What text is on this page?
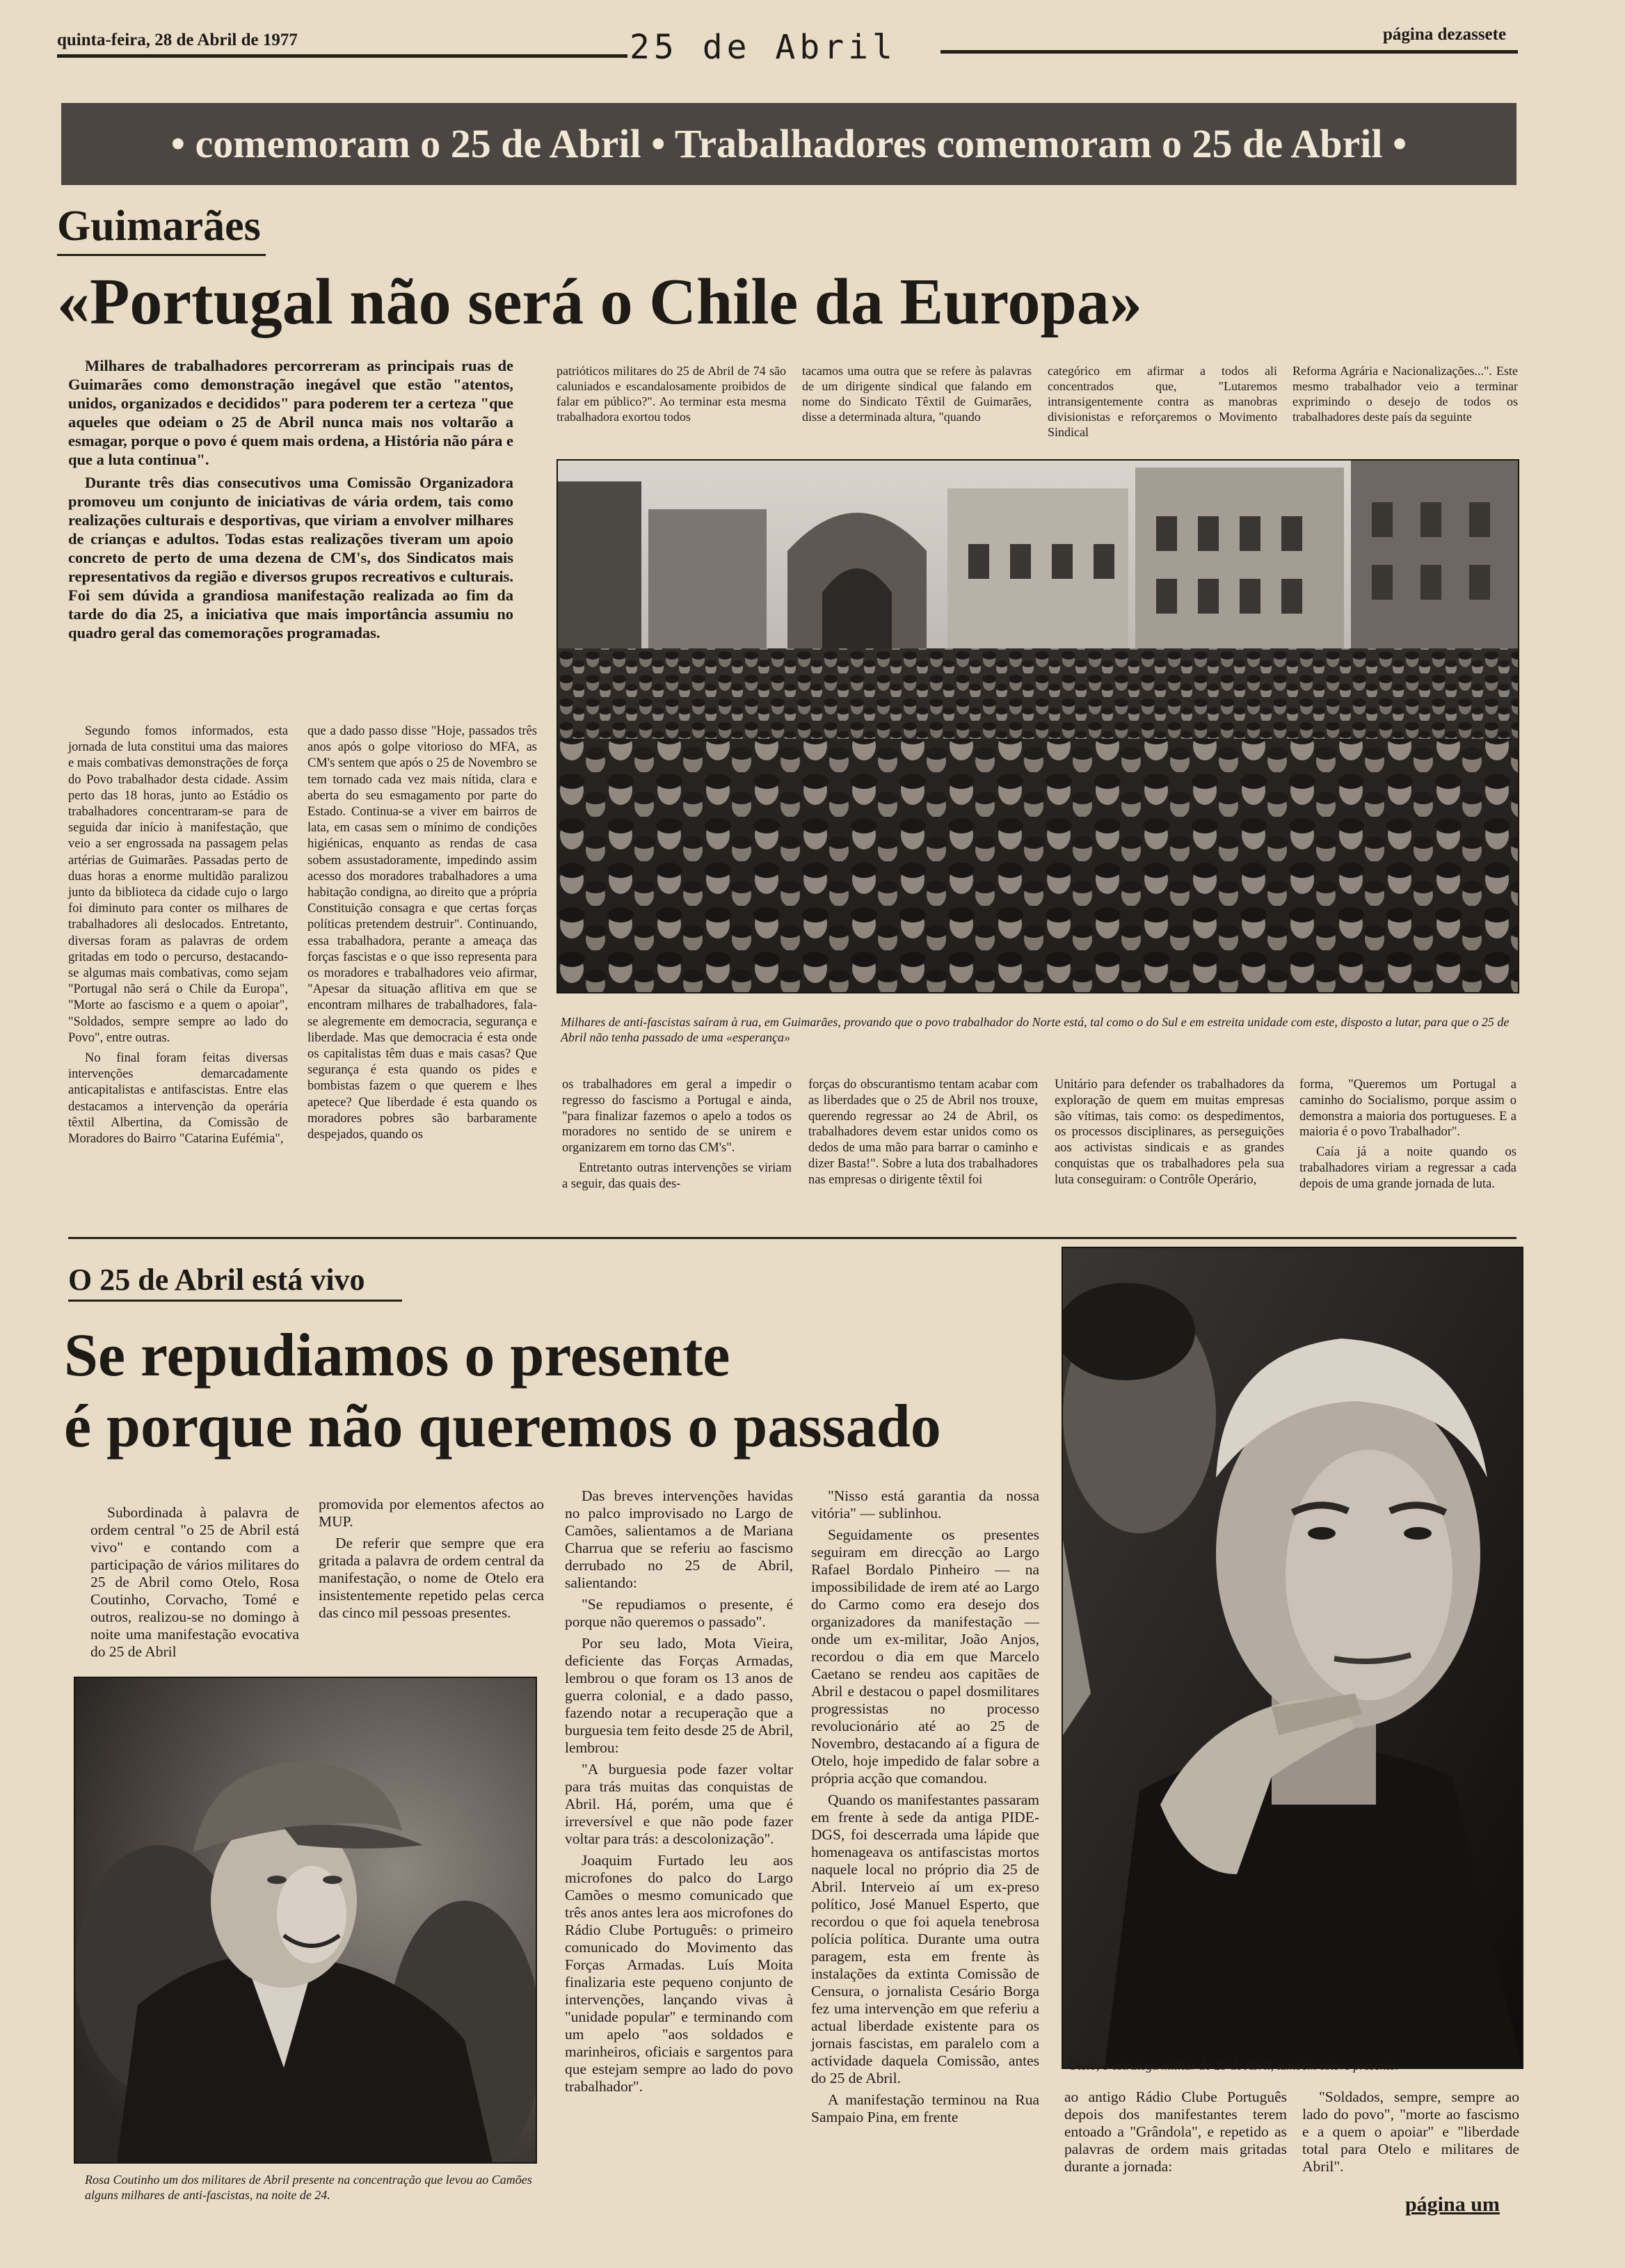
quinta-feira, 28 de Abril de 1977	25 de Abril	página dezassete
• comemoram o 25 de Abril • Trabalhadores comemoram o 25 de Abril •
Guimarães
«Portugal não será o Chile da Europa»

Milhares de trabalhadores percorreram as principais ruas de Guimarães como demonstração inegável que estão "atentos, unidos, organizados e decididos" para poderem ter a certeza "que aqueles que odeiam o 25 de Abril nunca mais nos voltarão a esmagar, porque o povo é quem mais ordena, a História não pára e que a luta continua".

Durante três dias consecutivos uma Comissão Organizadora promoveu um conjunto de iniciativas de vária ordem, tais como realizações culturais e desportivas, que viriam a envolver milhares de crianças e adultos. Todas estas realizações tiveram um apoio concreto de perto de uma dezena de CM's, dos Sindicatos mais representativos da região e diversos grupos recreativos e culturais. Foi sem dúvida a grandiosa manifestação realizada ao fim da tarde do dia 25, a iniciativa que mais importância assumiu no quadro geral das comemorações programadas.

Segundo fomos informados, esta jornada de luta constitui uma das maiores e mais combativas demonstrações de força do Povo trabalhador desta cidade. Assim perto das 18 horas, junto ao Estádio os trabalhadores concentraram-se para de seguida dar início à manifestação, que veio a ser engrossada na passagem pelas artérias de Guimarães. Passadas perto de duas horas a enorme multidão paralizou junto da biblioteca da cidade cujo o largo foi diminuto para conter os milhares de trabalhadores ali deslocados. Entretanto, diversas foram as palavras de ordem gritadas em todo o percurso, destacando-se algumas mais combativas, como sejam "Portugal não será o Chile da Europa", "Morte ao fascismo e a quem o apoiar", "Soldados, sempre sempre ao lado do Povo", entre outras.

No final foram feitas diversas intervenções demarcadamente anticapitalistas e antifascistas. Entre elas destacamos a intervenção da operária têxtil Albertina, da Comissão de Moradores do Bairro "Catarina Eufémia",

que a dado passo disse "Hoje, passados três anos após o golpe vitorioso do MFA, as CM's sentem que após o 25 de Novembro se tem tornado cada vez mais nítida, clara e aberta do seu esmagamento por parte do Estado. Continua-se a viver em bairros de lata, em casas sem o mínimo de condições higiénicas, enquanto as rendas de casa sobem assustadoramente, impedindo assim acesso dos moradores trabalhadores a uma habitação condigna, ao direito que a própria Constituição consagra e que certas forças políticas pretendem destruir". Continuando, essa trabalhadora, perante a ameaça das forças fascistas e o que isso representa para os moradores e trabalhadores veio afirmar, "Apesar da situação aflitiva em que se encontram milhares de trabalhadores, fala-se alegremente em democracia, segurança e liberdade. Mas que democracia é esta onde os capitalistas têm duas e mais casas? Que segurança é esta quando os pides e bombistas fazem o que querem e lhes apetece? Que liberdade é esta quando os moradores pobres são barbaramente despejados, quando os

patrióticos militares do 25 de Abril de 74 são caluniados e escandalosamente proibidos de falar em público?". Ao terminar esta mesma trabalhadora exortou todos

tacamos uma outra que se refere às palavras de um dirigente sindical que falando em nome do Sindicato Têxtil de Guimarães, disse a determinada altura, "quando

categórico em afirmar a todos ali concentrados que, "Lutaremos intransigentemente contra as manobras divisionistas e reforçaremos o Movimento Sindical

Reforma Agrária e Nacionalizações...". Este mesmo trabalhador veio a terminar exprimindo o desejo de todos os trabalhadores deste país da seguinte

Milhares de anti-fascistas saíram à rua, em Guimarães, provando que o povo trabalhador do Norte está, tal como o do Sul e em estreita unidade com este, disposto a lutar, para que o 25 de Abril não tenha passado de uma «esperança»

os trabalhadores em geral a impedir o regresso do fascismo a Portugal e ainda, "para finalizar fazemos o apelo a todos os moradores no sentido de se unirem e organizarem em torno das CM's".

Entretanto outras intervenções se viriam a seguir, das quais des-

forças do obscurantismo tentam acabar com as liberdades que o 25 de Abril nos trouxe, querendo regressar ao 24 de Abril, os trabalhadores devem estar unidos como os dedos de uma mão para barrar o caminho e dizer Basta!". Sobre a luta dos trabalhadores nas empresas o dirigente têxtil foi

Unitário para defender os trabalhadores da exploração de quem em muitas empresas são vítimas, tais como: os despedimentos, os processos disciplinares, as perseguições aos activistas sindicais e as grandes conquistas que os trabalhadores pela sua luta conseguiram: o Contrôle Operário,

forma, "Queremos um Portugal a caminho do Socialismo, porque assim o demonstra a maioria dos portugueses. E a maioria é o povo Trabalhador".

Caía já a noite quando os trabalhadores viriam a regressar a cada depois de uma grande jornada de luta.

O 25 de Abril está vivo
Se repudiamos o presente
é porque não queremos o passado

Subordinada à palavra de ordem central "o 25 de Abril está vivo" e contando com a participação de vários militares do 25 de Abril como Otelo, Rosa Coutinho, Corvacho, Tomé e outros, realizou-se no domingo à noite uma manifestação evocativa do 25 de Abril

promovida por elementos afectos ao MUP.

De referir que sempre que era gritada a palavra de ordem central da manifestação, o nome de Otelo era insistentemente repetido pelas cerca das cinco mil pessoas presentes.

Rosa Coutinho um dos militares de Abril presente na concentração que levou ao Camões alguns milhares de anti-fascistas, na noite de 24.

Das breves intervenções havidas no palco improvisado no Largo de Camões, salientamos a de Mariana Charrua que se referiu ao fascismo derrubado no 25 de Abril, salientando:

"Se repudiamos o presente, é porque não queremos o passado".

Por seu lado, Mota Vieira, deficiente das Forças Armadas, lembrou o que foram os 13 anos de guerra colonial, e a dado passo, fazendo notar a recuperação que a burguesia tem feito desde 25 de Abril, lembrou:

"A burguesia pode fazer voltar para trás muitas das conquistas de Abril. Há, porém, uma que é irreversível e que não pode fazer voltar para trás: a descolonização".

Joaquim Furtado leu aos microfones do palco do Largo Camões o mesmo comunicado que três anos antes lera aos microfones do Rádio Clube Português: o primeiro comunicado do Movimento das Forças Armadas. Luís Moita finalizaria este pequeno conjunto de intervenções, lançando vivas à "unidade popular" e terminando com um apelo "aos soldados e marinheiros, oficiais e sargentos para que estejam sempre ao lado do povo trabalhador".

"Nisso está garantia da nossa vitória" — sublinhou.

Seguidamente os presentes seguiram em direcção ao Largo Rafael Bordalo Pinheiro — na impossibilidade de irem até ao Largo do Carmo como era desejo dos organizadores da manifestação — onde um ex-militar, João Anjos, recordou o dia em que Marcelo Caetano se rendeu aos capitães de Abril e destacou o papel dosmilitares progressistas no processo revolucionário até ao 25 de Novembro, destacando aí a figura de Otelo, hoje impedido de falar sobre a própria acção que comandou.

Quando os manifestantes passaram em frente à sede da antiga PIDE-DGS, foi descerrada uma lápide que homenageava os antifascistas mortos naquele local no próprio dia 25 de Abril. Interveio aí um ex-preso político, José Manuel Esperto, que recordou o que foi aquela tenebrosa polícia política. Durante uma outra paragem, esta em frente às instalações da extinta Comissão de Censura, o jornalista Cesário Borga fez uma intervenção em que referiu a actual liberdade existente para os jornais fascistas, em paralelo com a actividade daquela Comissão, antes do 25 de Abril.

A manifestação terminou na Rua Sampaio Pina, em frente

Otelo, o estratega militar do 25 de Abril, também esteve presente.

ao antigo Rádio Clube Português depois dos manifestantes terem entoado a "Grândola", e repetido as palavras de ordem mais gritadas durante a jornada:

"Soldados, sempre, sempre ao lado do povo", "morte ao fascismo e a quem o apoiar" e "liberdade total para Otelo e militares de Abril".

página um
